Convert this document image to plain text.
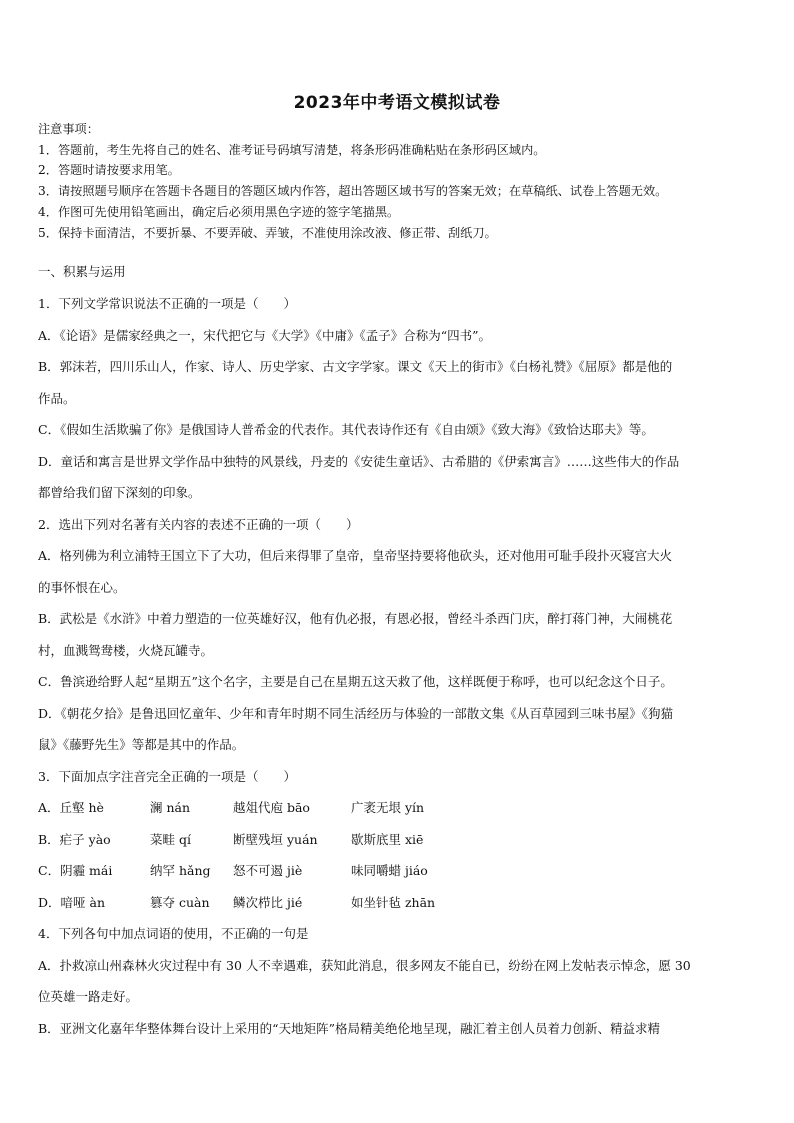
2023年中考语文模拟试卷
注意事项：
1．答题前，考生先将自己的姓名、准考证号码填写清楚，将条形码准确粘贴在条形码区域内。
2．答题时请按要求用笔。
3．请按照题号顺序在答题卡各题目的答题区域内作答，超出答题区域书写的答案无效；在草稿纸、试卷上答题无效。
4．作图可先使用铅笔画出，确定后必须用黑色字迹的签字笔描黑。
5．保持卡面清洁，不要折暴、不要弄破、弄皱，不准使用涂改液、修正带、刮纸刀。
一、积累与运用
1．下列文学常识说法不正确的一项是（　　）
A．《论语》是儒家经典之一，宋代把它与《大学》《中庸》《孟子》合称为“四书”。
B．郭沫若，四川乐山人，作家、诗人、历史学家、古文字学家。课文《天上的街市》《白杨礼赞》《屈原》都是他的
作品。
C．《假如生活欺骗了你》是俄国诗人普希金的代表作。其代表诗作还有《自由颂》《致大海》《致恰达耶夫》等。
D．童话和寓言是世界文学作品中独特的风景线，丹麦的《安徒生童话》、古希腊的《伊索寓言》……这些伟大的作品
都曾给我们留下深刻的印象。
2．选出下列对名著有关内容的表述不正确的一项（　　）
A．格列佛为利立浦特王国立下了大功，但后来得罪了皇帝，皇帝坚持要将他砍头，还对他用可耻手段扑灭寝宫大火
的事怀恨在心。
B．武松是《水浒》中着力塑造的一位英雄好汉，他有仇必报，有恩必报，曾经斗杀西门庆，醉打蒋门神，大闹桃花
村，血溅鸳鸯楼，火烧瓦罐寺。
C．鲁滨逊给野人起“星期五”这个名字，主要是自己在星期五这天救了他，这样既便于称呼，也可以纪念这个日子。
D．《朝花夕拾》是鲁迅回忆童年、少年和青年时期不同生活经历与体验的一部散文集《从百草园到三味书屋》《狗猫
鼠》《藤野先生》等都是其中的作品。
3．下面加点字注音完全正确的一项是（　　）
A．丘壑 hè	澜 nán	越俎代庖 bāo	广袤无垠 yín
B．疟子 yào	菜畦 qí	断壁残垣 yuán	歇斯底里 xiē
C．阴霾 mái	纳罕 hǎng	怒不可遏 jiè	味同嚼蜡 jiáo
D．喑哑 àn	篡夺 cuàn	鳞次栉比 jié	如坐针毡 zhān
4．下列各句中加点词语的使用，不正确的一句是
A．扑救凉山州森林火灾过程中有 30 人不幸遇难，获知此消息，很多网友不能自已，纷纷在网上发帖表示悼念，愿 30
位英雄一路走好。
B．亚洲文化嘉年华整体舞台设计上采用的“天地矩阵”格局精美绝伦地呈现，融汇着主创人员着力创新、精益求精
